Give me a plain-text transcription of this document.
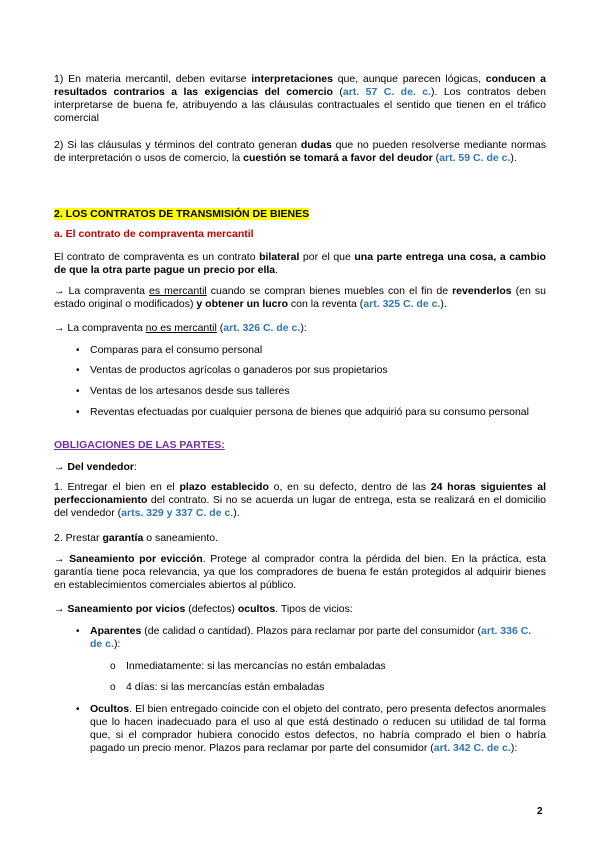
1) En materia mercantil, deben evitarse interpretaciones que, aunque parecen lógicas, conducen a resultados contrarios a las exigencias del comercio (art. 57 C. de. c.). Los contratos deben interpretarse de buena fe, atribuyendo a las cláusulas contractuales el sentido que tienen en el tráfico comercial

2) Si las cláusulas y términos del contrato generan dudas que no pueden resolverse mediante normas de interpretación o usos de comercio, la cuestión se tomará a favor del deudor (art. 59 C. de c.).

2. LOS CONTRATOS DE TRANSMISIÓN DE BIENES

a. El contrato de compraventa mercantil

El contrato de compraventa es un contrato bilateral por el que una parte entrega una cosa, a cambio de que la otra parte pague un precio por ella.

→ La compraventa es mercantil cuando se compran bienes muebles con el fin de revenderlos (en su estado original o modificados) y obtener un lucro con la reventa (art. 325 C. de c.).

→ La compraventa no es mercantil (art. 326 C. de c.):

• Comparas para el consumo personal

• Ventas de productos agrícolas o ganaderos por sus propietarios

• Ventas de los artesanos desde sus talleres

• Reventas efectuadas por cualquier persona de bienes que adquirió para su consumo personal

OBLIGACIONES DE LAS PARTES:

→ Del vendedor:

1. Entregar el bien en el plazo establecido o, en su defecto, dentro de las 24 horas siguientes al perfeccionamiento del contrato. Si no se acuerda un lugar de entrega, esta se realizará en el domicilio del vendedor (arts. 329 y 337 C. de c.).

2. Prestar garantía o saneamiento.

→ Saneamiento por evicción. Protege al comprador contra la pérdida del bien. En la práctica, esta garantía tiene poca relevancia, ya que los compradores de buena fe están protegidos al adquirir bienes en establecimientos comerciales abiertos al público.

→ Saneamiento por vicios (defectos) ocultos. Tipos de vicios:

• Aparentes (de calidad o cantidad). Plazos para reclamar por parte del consumidor (art. 336 C. de c.):

o Inmediatamente: si las mercancías no están embaladas

o 4 días: si las mercancías están embaladas

• Ocultos. El bien entregado coincide con el objeto del contrato, pero presenta defectos anormales que lo hacen inadecuado para el uso al que está destinado o reducen su utilidad de tal forma que, si el comprador hubiera conocido estos defectos, no habría comprado el bien o habría pagado un precio menor. Plazos para reclamar por parte del consumidor (art. 342 C. de c.):

2
